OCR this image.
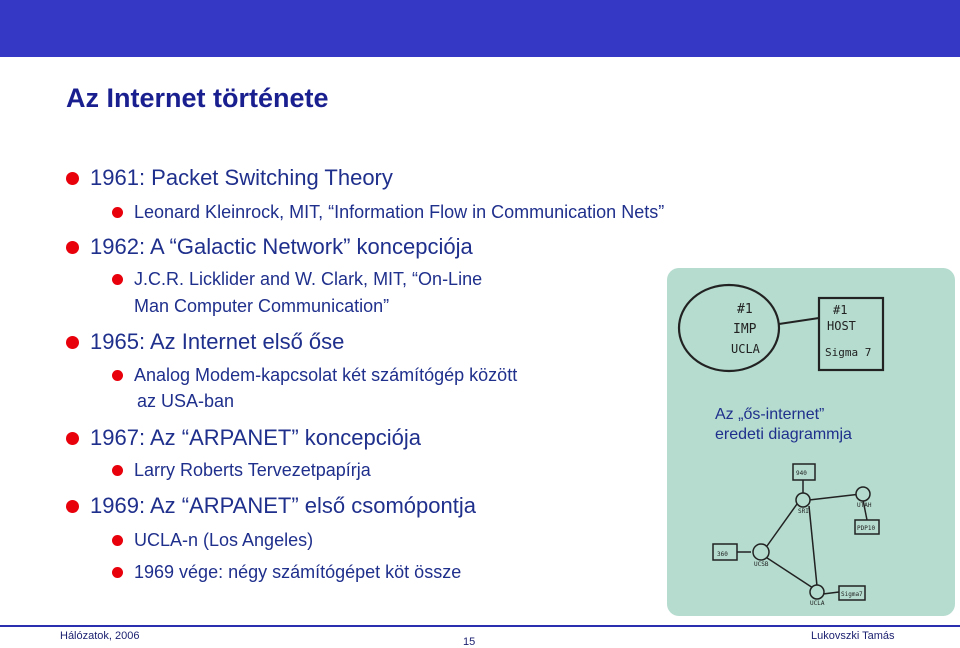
Az Internet története
1961: Packet Switching Theory
Leonard Kleinrock, MIT, “Information Flow in Communication Nets”
1962: A “Galactic Network” koncepciója
J.C.R. Licklider and W. Clark, MIT, “On-Line
Man Computer Communication”
1965: Az Internet első őse
Analog Modem-kapcsolat két számítógép között
az USA-ban
1967: Az “ARPANET” koncepciója
Larry Roberts Tervezetpapírja
1969: Az “ARPANET” első csomópontja
UCLA-n (Los Angeles)
1969 vége: négy számítógépet köt össze
#1
IMP
UCLA
#1
HOST
Sigma 7
940
SRI
UTAH
PDP10
360
UCSB
UCLA
Sigma7
Az „ős-internet”
eredeti diagrammja
Hálózatok, 2006	15	Lukovszki Tamás
